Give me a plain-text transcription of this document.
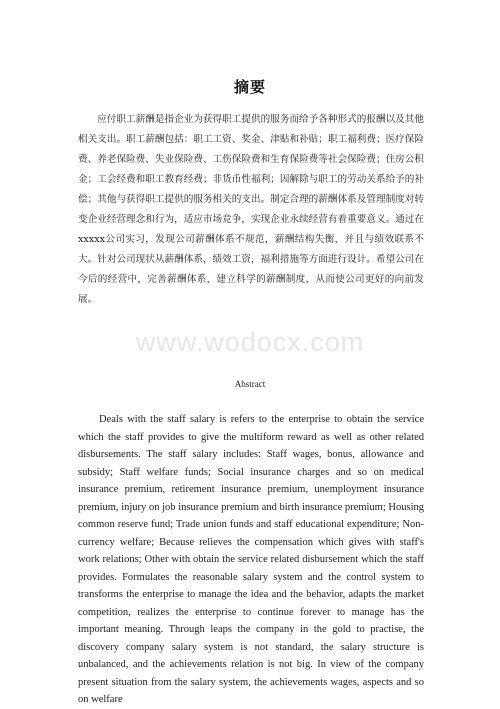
摘要

应付职工薪酬是指企业为获得职工提供的服务而给予各种形式的报酬以及其他相关支出。职工薪酬包括：职工工资、奖金、津贴和补贴；职工福利费；医疗保险费、养老保险费、失业保险费、工伤保险费和生育保险费等社会保险费；住房公积金；工会经费和职工教育经费；非货币性福利；因解除与职工的劳动关系给予的补偿；其他与获得职工提供的服务相关的支出。制定合理的薪酬体系及管理制度对转变企业经营理念和行为，适应市场竞争，实现企业永续经营有着重要意义。通过在xxxxx公司实习，发现公司薪酬体系不规范，薪酬结构失衡，并且与绩效联系不大。针对公司现状从薪酬体系，绩效工资，福利措施等方面进行设计。希望公司在今后的经营中，完善薪酬体系，建立科学的薪酬制度，从而使公司更好的向前发展。

www.wodocx.com
Abstract

Deals with the staff salary is refers to the enterprise to obtain the service which the staff provides to give the multiform reward as well as other related disbursements. The staff salary includes: Staff wages, bonus, allowance and subsidy; Staff welfare funds; Social insurance charges and so on medical insurance premium, retirement insurance premium, unemployment insurance premium, injury on job insurance premium and birth insurance premium; Housing common reserve fund; Trade union funds and staff educational expenditure; Non-currency welfare; Because relieves the compensation which gives with staff's work relations; Other with obtain the service related disbursement which the staff provides. Formulates the reasonable salary system and the control system to transforms the enterprise to manage the idea and the behavior, adapts the market competition, realizes the enterprise to continue forever to manage has the important meaning. Through leaps the company in the gold to practise, the discovery company salary system is not standard, the salary structure is unbalanced, and the achievements relation is not big. In view of the company present situation from the salary system, the achievements wages, aspects and so on welfare
